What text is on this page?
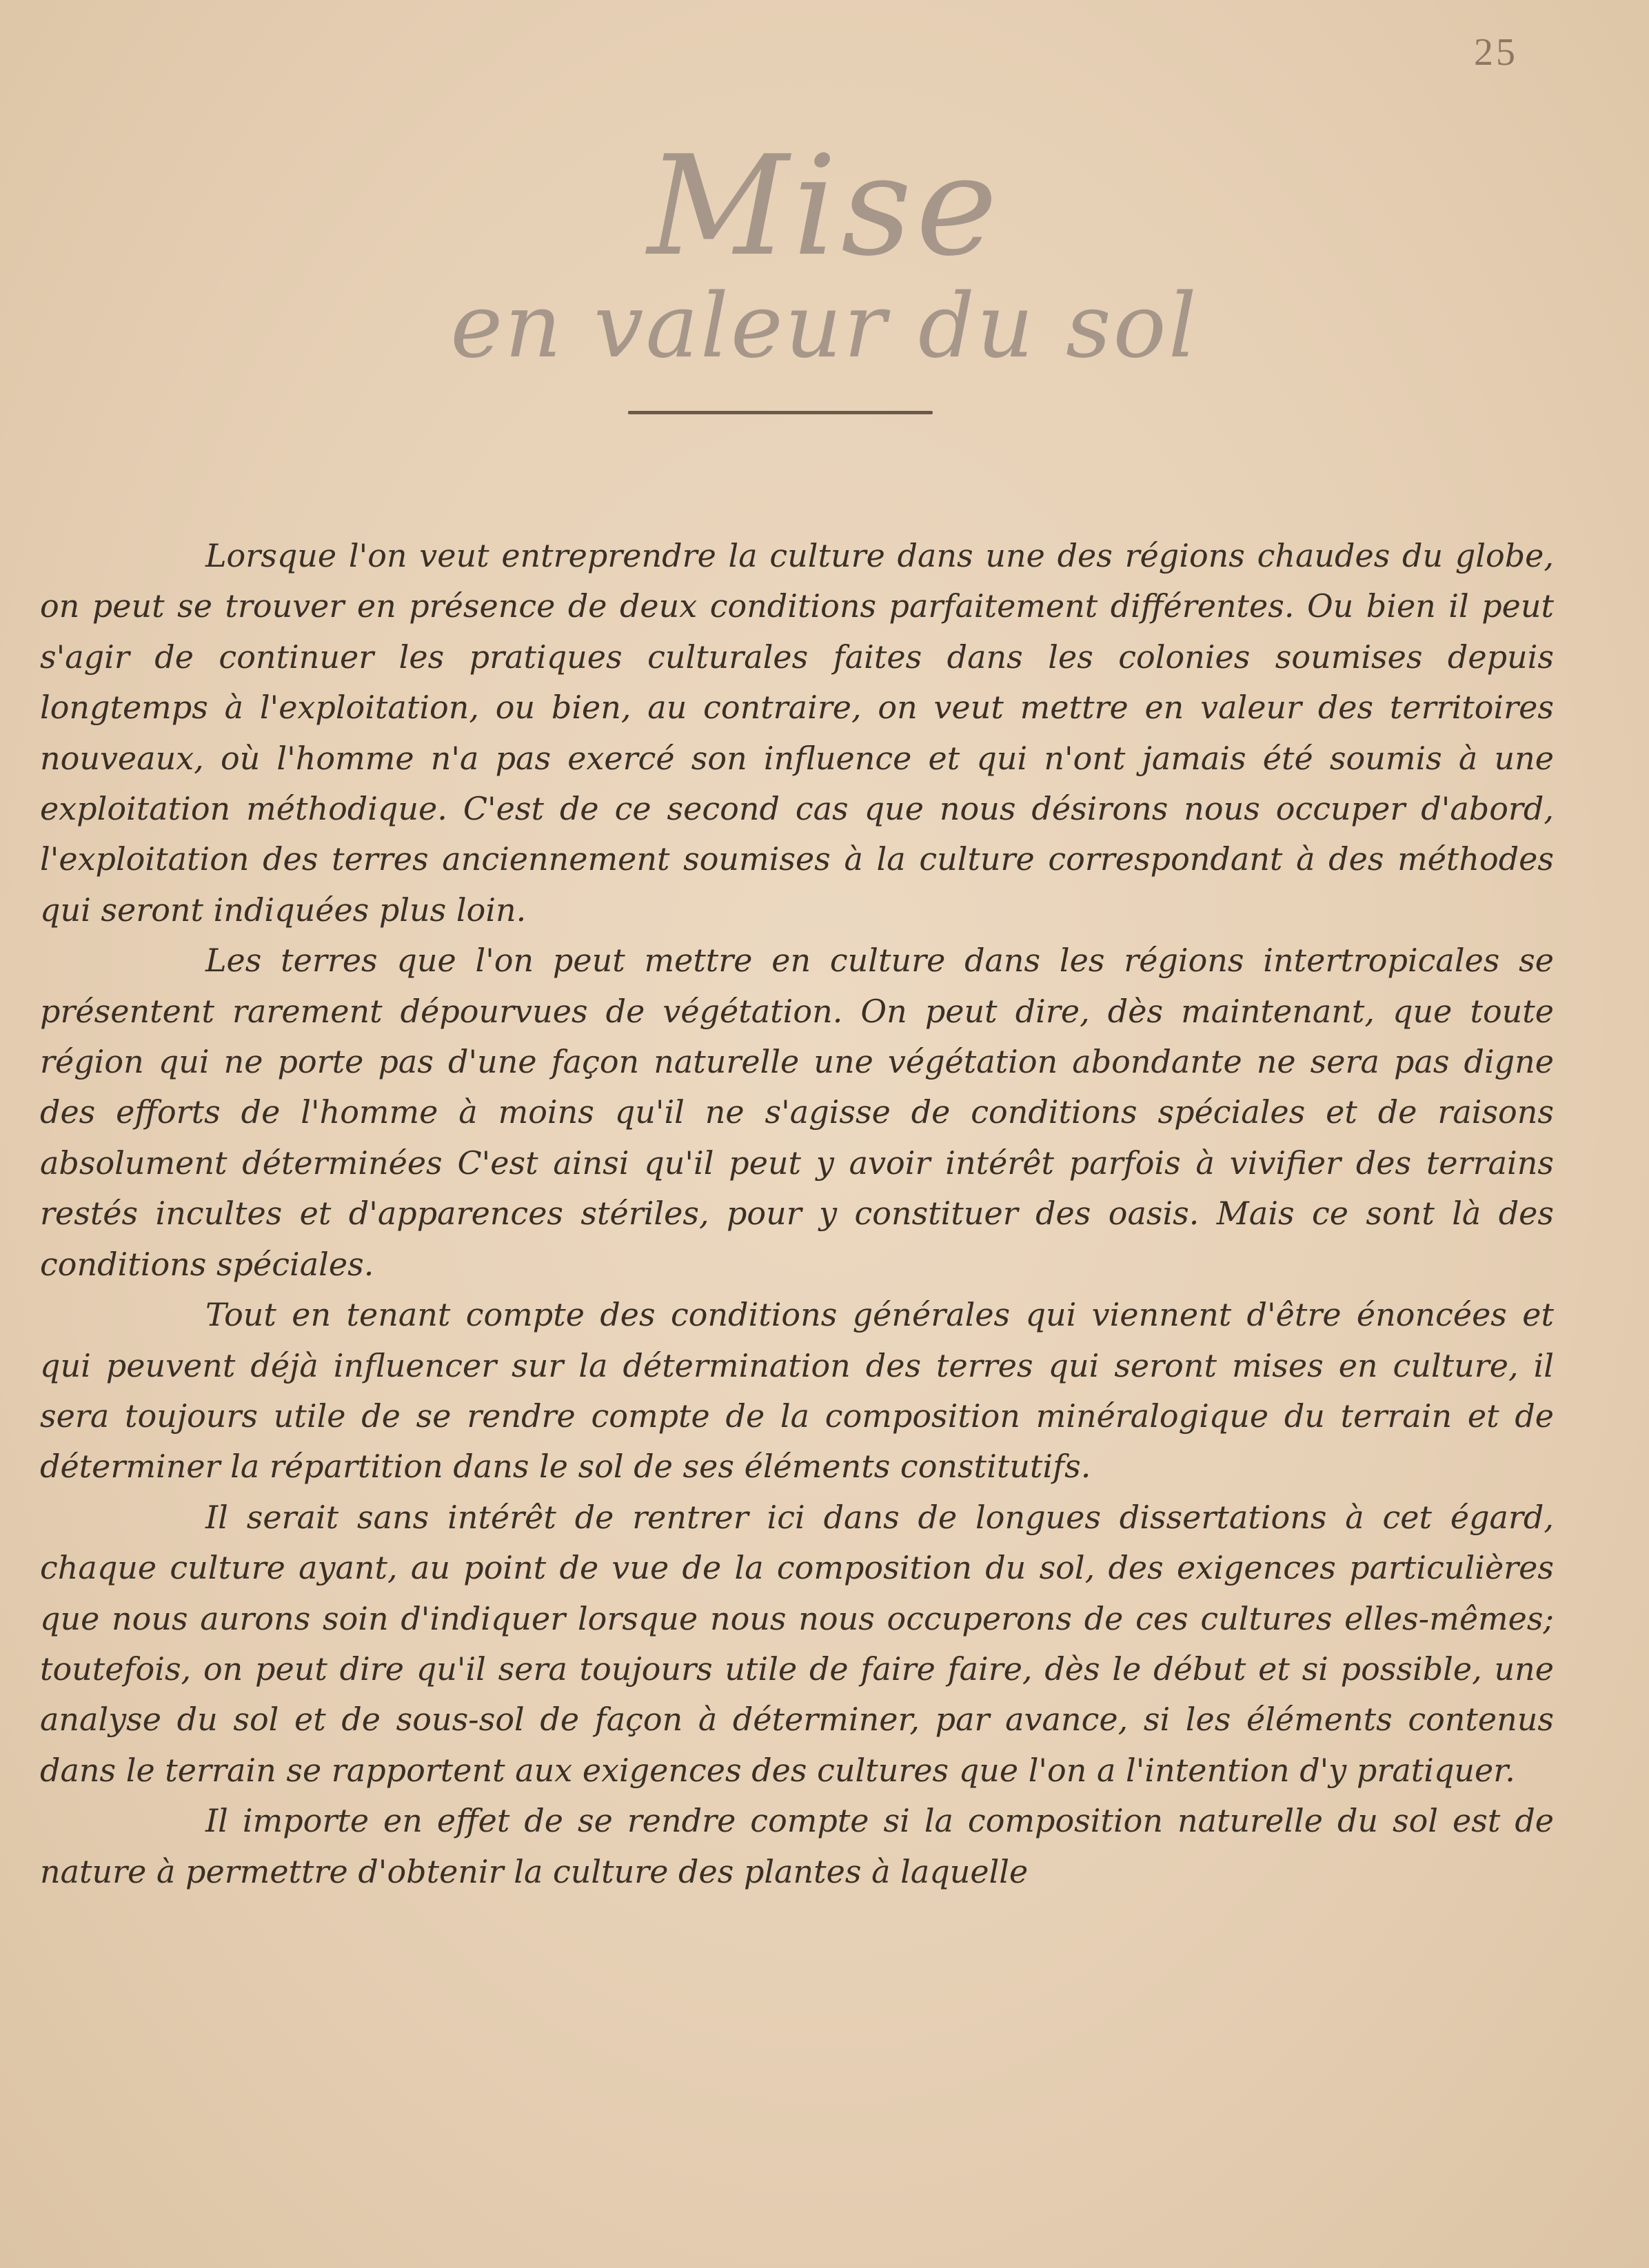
25
Mise
en valeur du sol

Lorsque l'on veut entreprendre la culture dans une des régions chaudes du globe, on peut se trouver en présence de deux conditions parfaitement différentes. Ou bien il peut s'agir de continuer les pratiques culturales faites dans les colonies soumises depuis longtemps à l'exploitation, ou bien, au contraire, on veut mettre en valeur des territoires nouveaux, où l'homme n'a pas exercé son influence et qui n'ont jamais été soumis à une exploitation méthodique. C'est de ce second cas que nous désirons nous occuper d'abord, l'exploitation des terres anciennement soumises à la culture correspondant à des méthodes qui seront indiquées plus loin.

Les terres que l'on peut mettre en culture dans les régions intertropicales se présentent rarement dépourvues de végétation. On peut dire, dès maintenant, que toute région qui ne porte pas d'une façon naturelle une végétation abondante ne sera pas digne des efforts de l'homme à moins qu'il ne s'agisse de conditions spéciales et de raisons absolument déterminées C'est ainsi qu'il peut y avoir intérêt parfois à vivifier des terrains restés incultes et d'apparences stériles, pour y constituer des oasis. Mais ce sont là des conditions spéciales.

Tout en tenant compte des conditions générales qui viennent d'être énoncées et qui peuvent déjà influencer sur la détermination des terres qui seront mises en culture, il sera toujours utile de se rendre compte de la composition minéralogique du terrain et de déterminer la répartition dans le sol de ses éléments constitutifs.

Il serait sans intérêt de rentrer ici dans de longues dissertations à cet égard, chaque culture ayant, au point de vue de la composition du sol, des exigences particulières que nous aurons soin d'indiquer lorsque nous nous occuperons de ces cultures elles-mêmes; toutefois, on peut dire qu'il sera toujours utile de faire faire, dès le début et si possible, une analyse du sol et de sous-sol de façon à déterminer, par avance, si les éléments contenus dans le terrain se rapportent aux exigences des cultures que l'on a l'intention d'y pratiquer.

Il importe en effet de se rendre compte si la composition naturelle du sol est de nature à permettre d'obtenir la culture des plantes à laquelle
